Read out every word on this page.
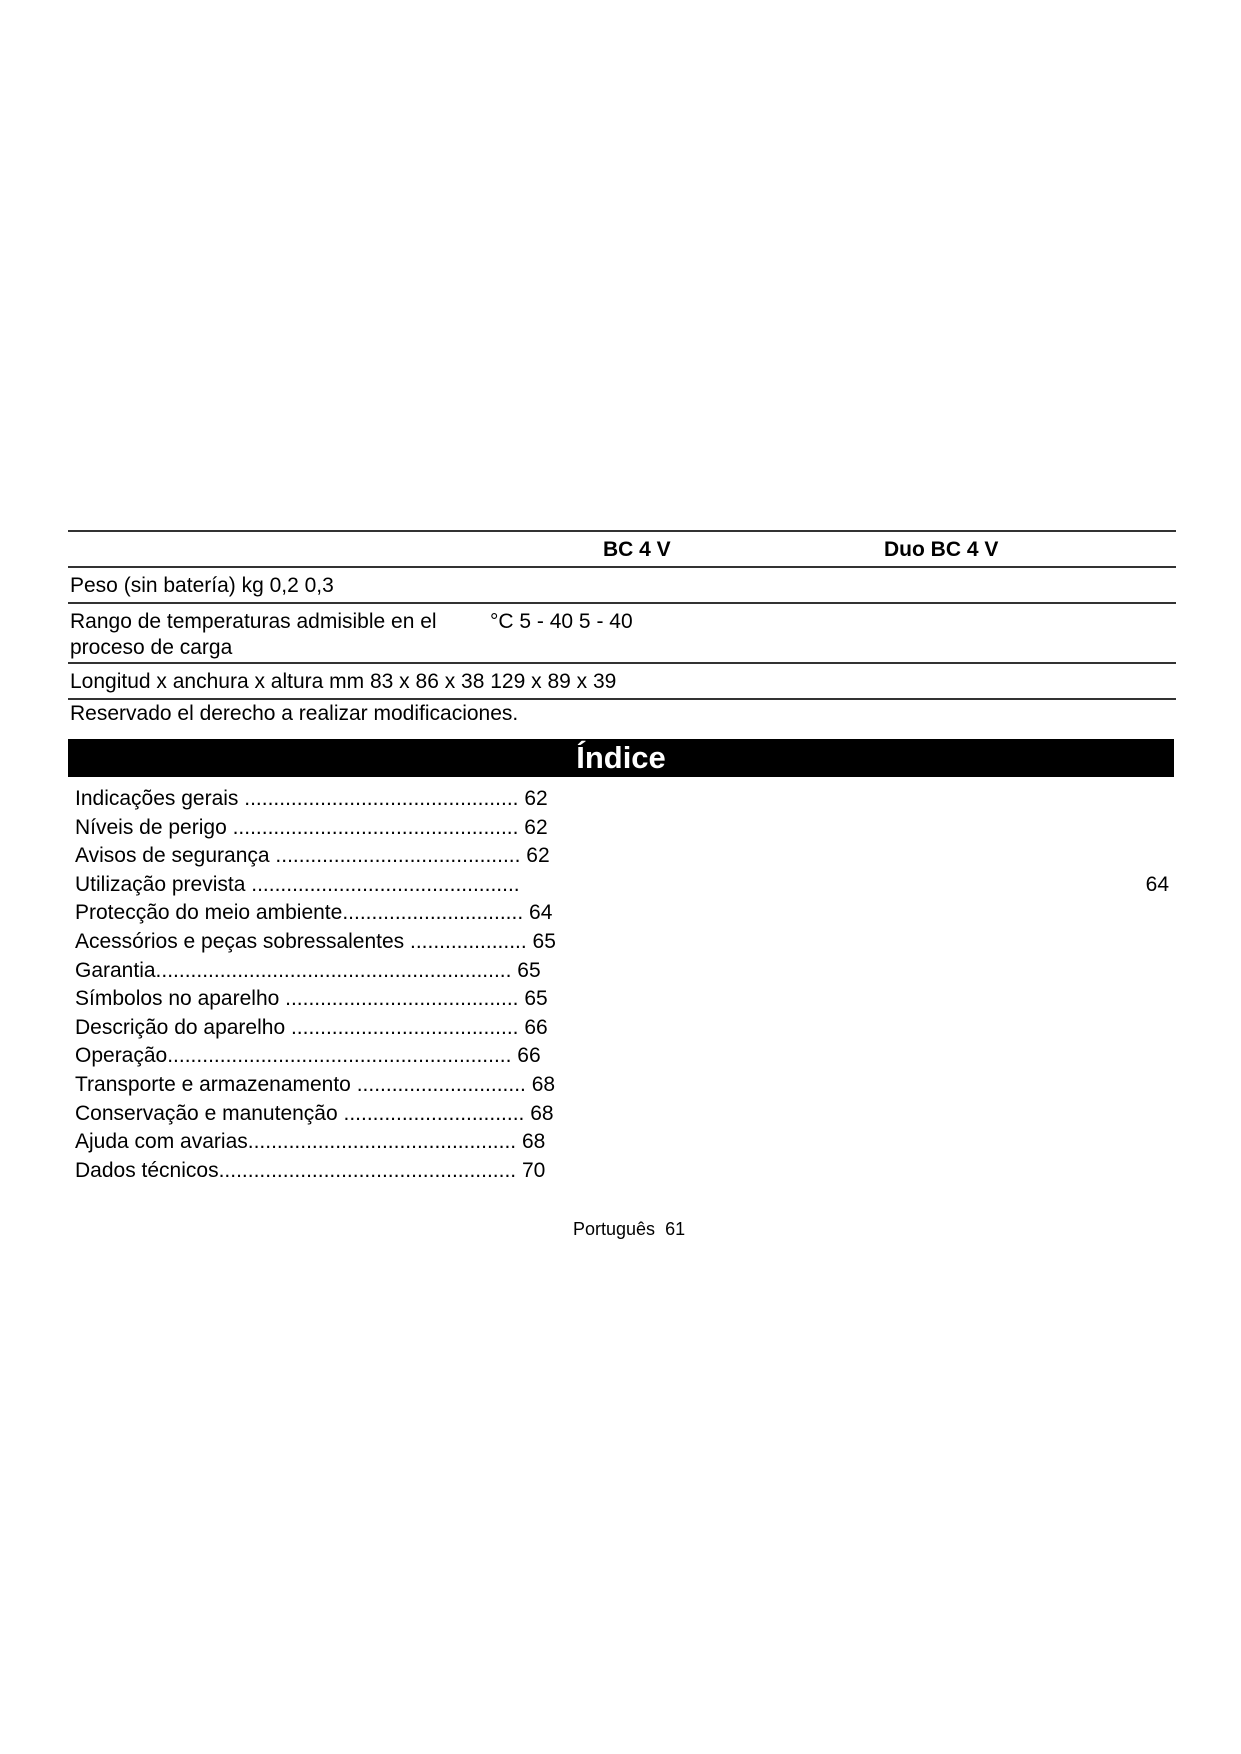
BC 4 V	Duo BC 4 V
Peso (sin batería) kg 0,2 0,3
Rango de temperaturas admisible en el proceso de carga
°C 5 - 40 5 - 40
Longitud x anchura x altura mm 83 x 86 x 38 129 x 89 x 39
Reservado el derecho a realizar modificaciones.
Índice
Indicações gerais ............................................... 62
Níveis de perigo ................................................. 62
Avisos de segurança .......................................... 62
Utilização prevista ..............................................	64
Protecção do meio ambiente............................... 64
Acessórios e peças sobressalentes .................... 65
Garantia............................................................. 65
Símbolos no aparelho ........................................ 65
Descrição do aparelho ....................................... 66
Operação........................................................... 66
Transporte e armazenamento ............................. 68
Conservação e manutenção ............................... 68
Ajuda com avarias.............................................. 68
Dados técnicos................................................... 70
Português 61
